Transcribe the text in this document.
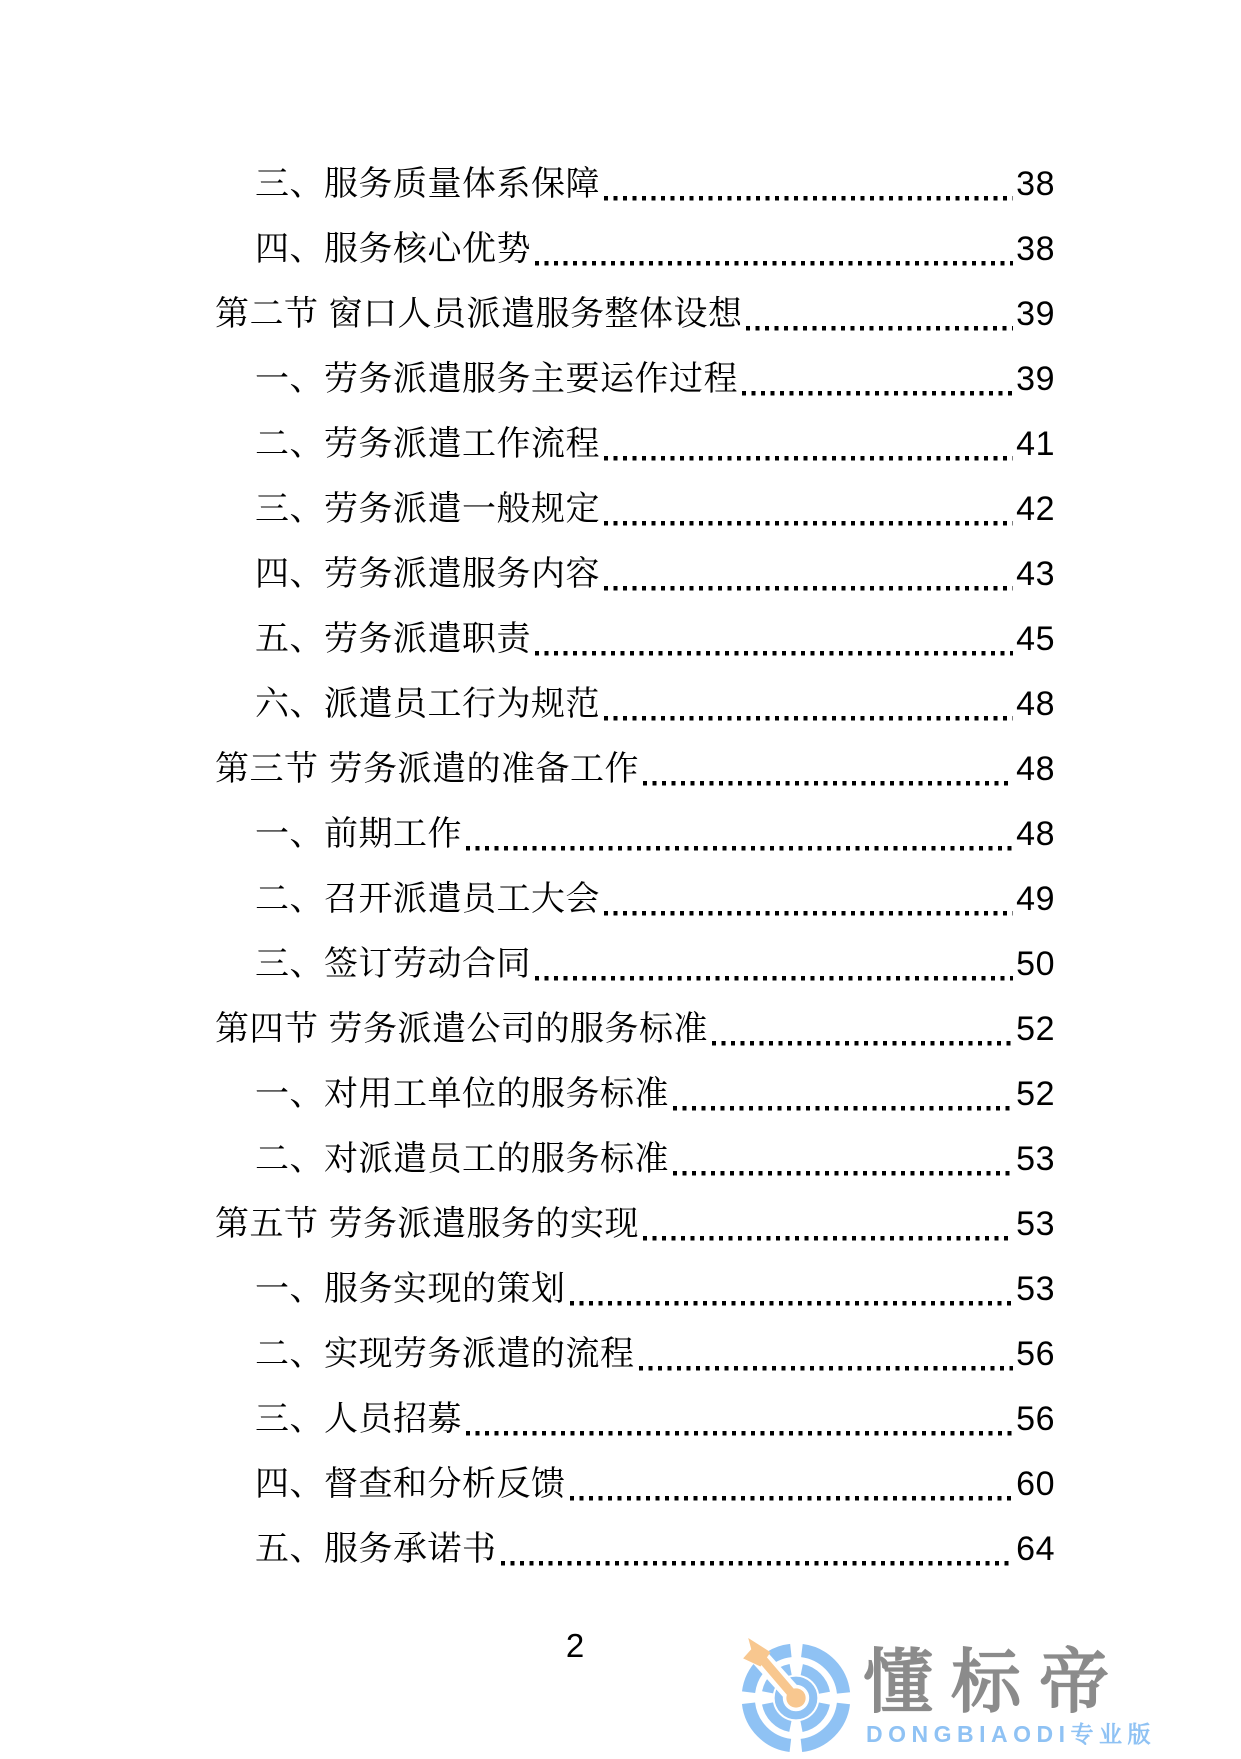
三、服务质量体系保障	38
四、服务核心优势	38
第二节 窗口人员派遣服务整体设想	39
一、劳务派遣服务主要运作过程	39
二、劳务派遣工作流程	41
三、劳务派遣一般规定	42
四、劳务派遣服务内容	43
五、劳务派遣职责	45
六、派遣员工行为规范	48
第三节 劳务派遣的准备工作	48
一、前期工作	48
二、召开派遣员工大会	49
三、签订劳动合同	50
第四节 劳务派遣公司的服务标准	52
一、对用工单位的服务标准	52
二、对派遣员工的服务标准	53
第五节 劳务派遣服务的实现	53
一、服务实现的策划	53
二、实现劳务派遣的流程	56
三、人员招募	56
四、督查和分析反馈	60
五、服务承诺书	64
2	懂标帝
DONGBIAODI专业版
